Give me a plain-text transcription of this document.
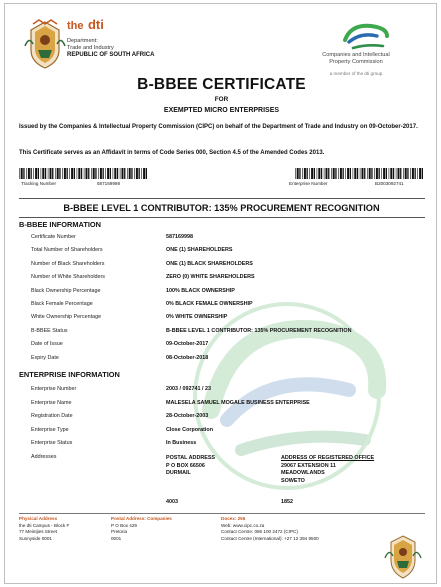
the dti
Department:
Trade and Industry
REPUBLIC OF SOUTH AFRICA	Companies and Intellectual
Property Commission
a member of the dti group
B-BBEE CERTIFICATE
FOR
EXEMPTED MICRO ENTERPRISES
Issued by the Companies & Intellectual Property Commission (CIPC) on behalf of the Department of Trade and Industry on 09-October-2017.
This Certificate serves as an Affidavit in terms of Code Series 000, Section 4.5 of the Amended Codes 2013.
Tracking Number	587169998	Enterprise Number	B2003092741
B-BBEE LEVEL 1 CONTRIBUTOR: 135% PROCUREMENT RECOGNITION
B-BBEE INFORMATION
Certificate Number	587169998
Total Number of Shareholders	ONE (1) SHAREHOLDERS
Number of Black Shareholders	ONE (1) BLACK SHAREHOLDERS
Number of White Shareholders	ZERO (0) WHITE SHAREHOLDERS
Black Ownership Percentage	100% BLACK OWNERSHIP
Black Female Percentage	0% BLACK FEMALE OWNERSHIP
White Ownership Percentage	0% WHITE OWNERSHIP
B-BBEE Status	B-BBEE LEVEL 1 CONTRIBUTOR: 135% PROCUREMENT RECOGNITION
Date of Issue	09-October-2017
Expiry Date	08-October-2018
ENTERPRISE INFORMATION
Enterprise Number	2003 / 092741 / 23
Enterprise Name	MALESELA SAMUEL MOGALE BUSINESS ENTERPRISE
Registration Date	28-October-2003
Enterprise Type	Close Corporation
Enterprise Status	In Business
Addresses	POSTAL ADDRESS
P O BOX 66506
DURMAIL
4003
ADDRESS OF REGISTERED OFFICE
29067 EXTENSION 11
MEADOWLANDS
SOWETO
1852
Physical Address
the dti Campus - Block F
77 Meintjies Street
Sunnyside 0001
Postal Address: Companies
P O Box 429
Pretoria
0001
Docex: 256
Web: www.cipc.co.za
Contact Centre: 086 100 2472 (CIPC)
Contact Centre (International): +27 12 394 9500
